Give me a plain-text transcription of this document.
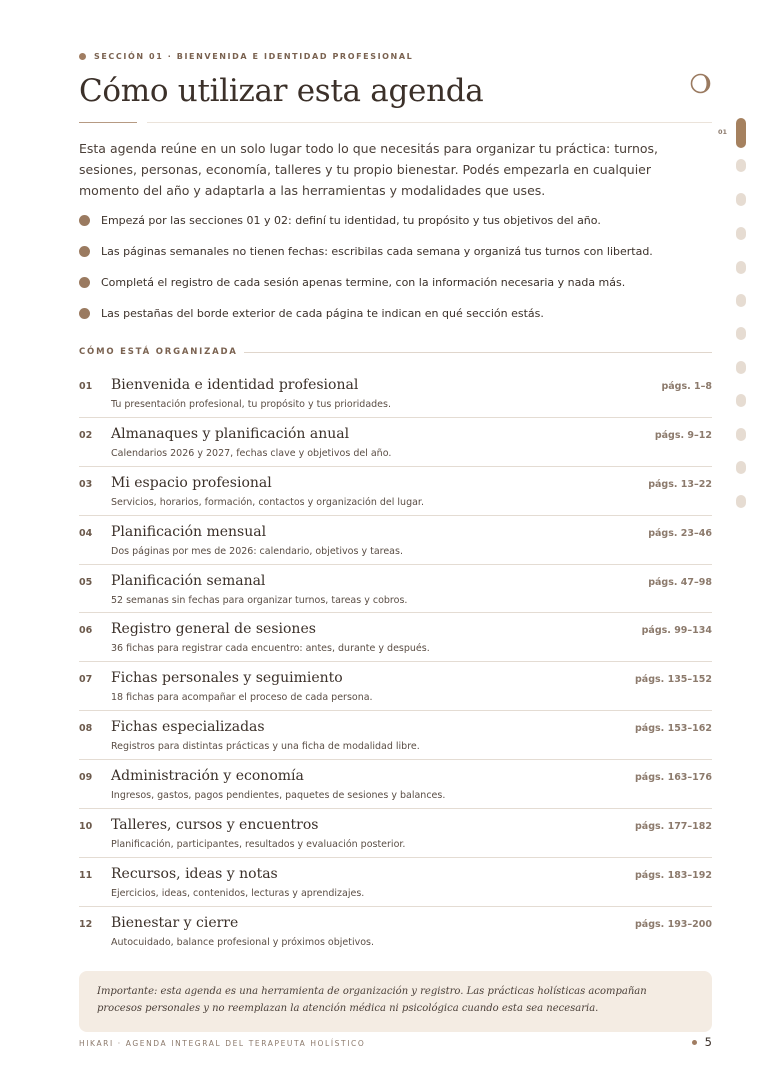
SECCIÓN 01 · BIENVENIDA E IDENTIDAD PROFESIONAL
Cómo utilizar esta agenda

Esta agenda reúne en un solo lugar todo lo que necesitás para organizar tu práctica: turnos, sesiones, personas, economía, talleres y tu propio bienestar. Podés empezarla en cualquier momento del año y adaptarla a las herramientas y modalidades que uses.

Empezá por las secciones 01 y 02: definí tu identidad, tu propósito y tus objetivos del año.
Las páginas semanales no tienen fechas: escribilas cada semana y organizá tus turnos con libertad.
Completá el registro de cada sesión apenas termine, con la información necesaria y nada más.
Las pestañas del borde exterior de cada página te indican en qué sección estás.
CÓMO ESTÁ ORGANIZADA
01 Bienvenida e identidad profesional
Tu presentación profesional, tu propósito y tus prioridades.
págs. 1–8
02 Almanaques y planificación anual
Calendarios 2026 y 2027, fechas clave y objetivos del año.
págs. 9–12
03 Mi espacio profesional
Servicios, horarios, formación, contactos y organización del lugar.
págs. 13–22
04 Planificación mensual
Dos páginas por mes de 2026: calendario, objetivos y tareas.
págs. 23–46
05 Planificación semanal
52 semanas sin fechas para organizar turnos, tareas y cobros.
págs. 47–98
06 Registro general de sesiones
36 fichas para registrar cada encuentro: antes, durante y después.
págs. 99–134
07 Fichas personales y seguimiento
18 fichas para acompañar el proceso de cada persona.
págs. 135–152
08 Fichas especializadas
Registros para distintas prácticas y una ficha de modalidad libre.
págs. 153–162
09 Administración y economía
Ingresos, gastos, pagos pendientes, paquetes de sesiones y balances.
págs. 163–176
10 Talleres, cursos y encuentros
Planificación, participantes, resultados y evaluación posterior.
págs. 177–182
11 Recursos, ideas y notas
Ejercicios, ideas, contenidos, lecturas y aprendizajes.
págs. 183–192
12 Bienestar y cierre
Autocuidado, balance profesional y próximos objetivos.
págs. 193–200
Importante: esta agenda es una herramienta de organización y registro. Las prácticas holísticas acompañan procesos personales y no reemplazan la atención médica ni psicológica cuando esta sea necesaria.
HIKARI · AGENDA INTEGRAL DEL TERAPEUTA HOLÍSTICO	5
01
